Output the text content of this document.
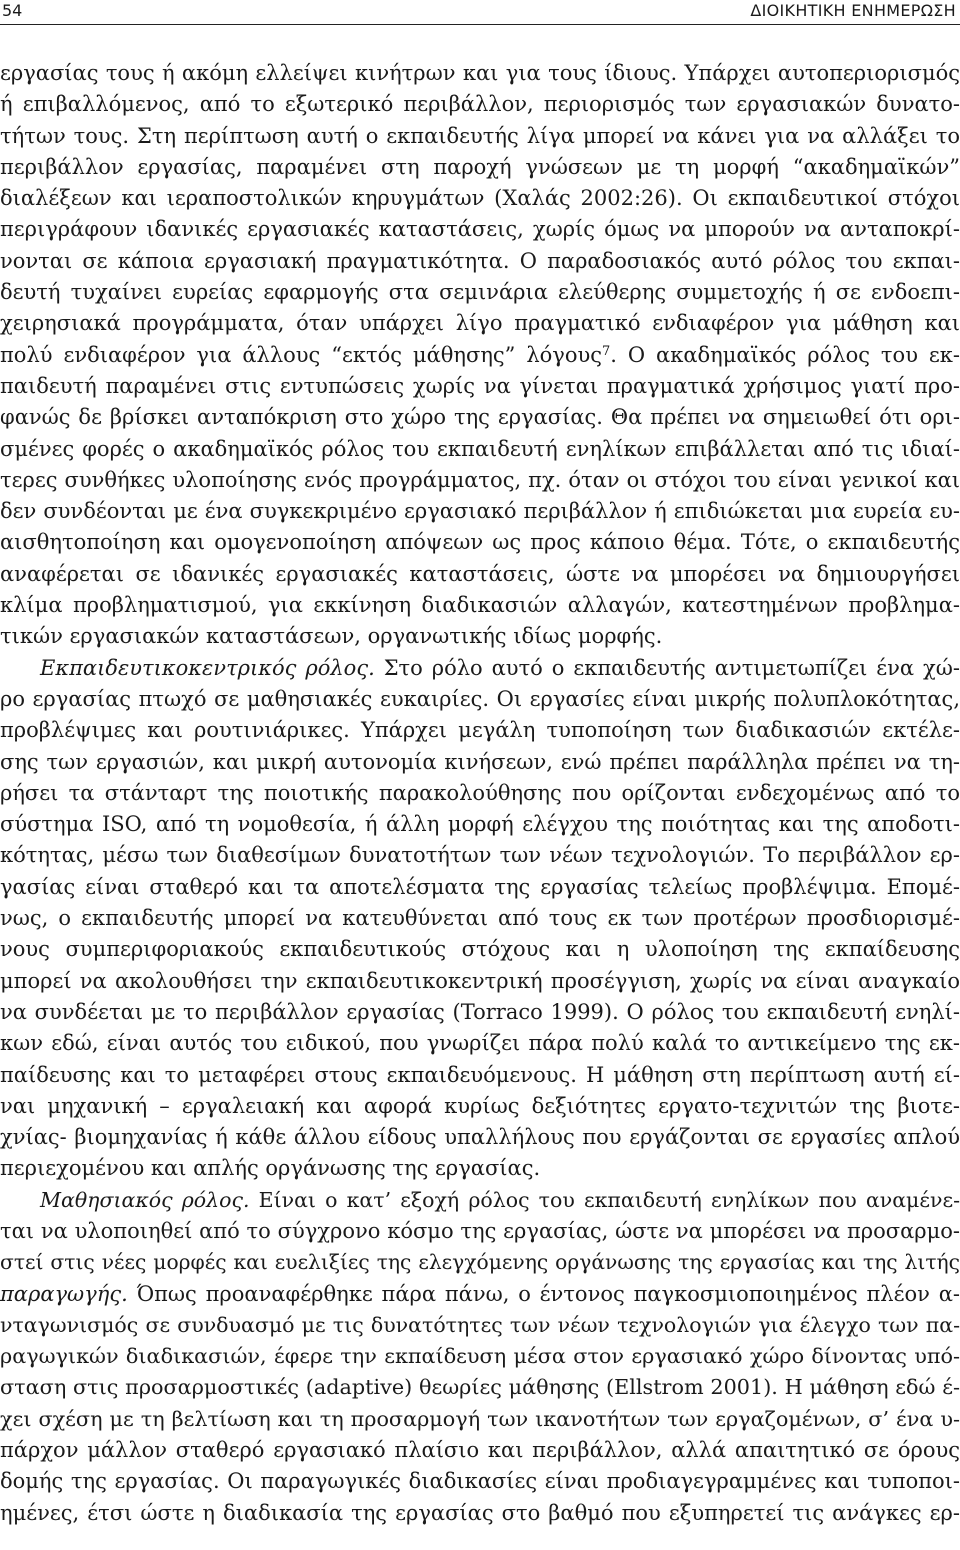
54	ΔΙΟΙΚΗΤΙΚΗ ΕΝΗΜΕΡΩΣΗ
εργασίας τους ή ακόμη ελλείψει κινήτρων και για τους ίδιους. Υπάρχει αυτοπεριορισμός
ή επιβαλλόμενος, από το εξωτερικό περιβάλλον, περιορισμός των εργασιακών δυνατο-
τήτων τους. Στη περίπτωση αυτή ο εκπαιδευτής λίγα μπορεί να κάνει για να αλλάξει το
περιβάλλον εργασίας, παραμένει στη παροχή γνώσεων με τη μορφή “ακαδημαϊκών”
διαλέξεων και ιεραποστολικών κηρυγμάτων (Χαλάς 2002:26). Οι εκπαιδευτικοί στόχοι
περιγράφουν ιδανικές εργασιακές καταστάσεις, χωρίς όμως να μπορούν να ανταποκρί-
νονται σε κάποια εργασιακή πραγματικότητα. Ο παραδοσιακός αυτό ρόλος του εκπαι-
δευτή τυχαίνει ευρείας εφαρμογής στα σεμινάρια ελεύθερης συμμετοχής ή σε ενδοεπι-
χειρησιακά προγράμματα, όταν υπάρχει λίγο πραγματικό ενδιαφέρον για μάθηση και
πολύ ενδιαφέρον για άλλους “εκτός μάθησης” λόγους$^7$. Ο ακαδημαϊκός ρόλος του εκ-
παιδευτή παραμένει στις εντυπώσεις χωρίς να γίνεται πραγματικά χρήσιμος γιατί προ-
φανώς δε βρίσκει ανταπόκριση στο χώρο της εργασίας. Θα πρέπει να σημειωθεί ότι ορι-
σμένες φορές ο ακαδημαϊκός ρόλος του εκπαιδευτή ενηλίκων επιβάλλεται από τις ιδιαί-
τερες συνθήκες υλοποίησης ενός προγράμματος, πχ. όταν οι στόχοι του είναι γενικοί και
δεν συνδέονται με ένα συγκεκριμένο εργασιακό περιβάλλον ή επιδιώκεται μια ευρεία ευ-
αισθητοποίηση και ομογενοποίηση απόψεων ως προς κάποιο θέμα. Τότε, ο εκπαιδευτής
αναφέρεται σε ιδανικές εργασιακές καταστάσεις, ώστε να μπορέσει να δημιουργήσει
κλίμα προβληματισμού, για εκκίνηση διαδικασιών αλλαγών, κατεστημένων προβλημα-
τικών εργασιακών καταστάσεων, οργανωτικής ιδίως μορφής.
Εκπαιδευτικοκεντρικός ρόλος. Στο ρόλο αυτό ο εκπαιδευτής αντιμετωπίζει ένα χώ-
ρο εργασίας πτωχό σε μαθησιακές ευκαιρίες. Οι εργασίες είναι μικρής πολυπλοκότητας,
προβλέψιμες και ρουτινιάρικες. Υπάρχει μεγάλη τυποποίηση των διαδικασιών εκτέλε-
σης των εργασιών, και μικρή αυτονομία κινήσεων, ενώ πρέπει παράλληλα πρέπει να τη-
ρήσει τα στάνταρτ της ποιοτικής παρακολούθησης που ορίζονται ενδεχομένως από το
σύστημα ISO, από τη νομοθεσία, ή άλλη μορφή ελέγχου της ποιότητας και της αποδοτι-
κότητας, μέσω των διαθεσίμων δυνατοτήτων των νέων τεχνολογιών. Το περιβάλλον ερ-
γασίας είναι σταθερό και τα αποτελέσματα της εργασίας τελείως προβλέψιμα. Επομέ-
νως, ο εκπαιδευτής μπορεί να κατευθύνεται από τους εκ των προτέρων προσδιορισμέ-
νους συμπεριφοριακούς εκπαιδευτικούς στόχους και η υλοποίηση της εκπαίδευσης
μπορεί να ακολουθήσει την εκπαιδευτικοκεντρική προσέγγιση, χωρίς να είναι αναγκαίο
να συνδέεται με το περιβάλλον εργασίας (Torraco 1999). Ο ρόλος του εκπαιδευτή ενηλί-
κων εδώ, είναι αυτός του ειδικού, που γνωρίζει πάρα πολύ καλά το αντικείμενο της εκ-
παίδευσης και το μεταφέρει στους εκπαιδευόμενους. Η μάθηση στη περίπτωση αυτή εί-
ναι μηχανική – εργαλειακή και αφορά κυρίως δεξιότητες εργατο-τεχνιτών της βιοτε-
χνίας- βιομηχανίας ή κάθε άλλου είδους υπαλλήλους που εργάζονται σε εργασίες απλού
περιεχομένου και απλής οργάνωσης της εργασίας.
Μαθησιακός ρόλος. Είναι ο κατ’ εξοχή ρόλος του εκπαιδευτή ενηλίκων που αναμένε-
ται να υλοποιηθεί από το σύγχρονο κόσμο της εργασίας, ώστε να μπορέσει να προσαρμο-
στεί στις νέες μορφές και ευελιξίες της ελεγχόμενης οργάνωσης της εργασίας και της λιτής
παραγωγής. Όπως προαναφέρθηκε πάρα πάνω, ο έντονος παγκοσμιοποιημένος πλέον α-
νταγωνισμός σε συνδυασμό με τις δυνατότητες των νέων τεχνολογιών για έλεγχο των πα-
ραγωγικών διαδικασιών, έφερε την εκπαίδευση μέσα στον εργασιακό χώρο δίνοντας υπό-
σταση στις προσαρμοστικές (adaptive) θεωρίες μάθησης (Ellstrom 2001). Η μάθηση εδώ έ-
χει σχέση με τη βελτίωση και τη προσαρμογή των ικανοτήτων των εργαζομένων, σ’ ένα υ-
πάρχον μάλλον σταθερό εργασιακό πλαίσιο και περιβάλλον, αλλά απαιτητικό σε όρους
δομής της εργασίας. Οι παραγωγικές διαδικασίες είναι προδιαγεγραμμένες και τυποποι-
ημένες, έτσι ώστε η διαδικασία της εργασίας στο βαθμό που εξυπηρετεί τις ανάγκες ερ-
